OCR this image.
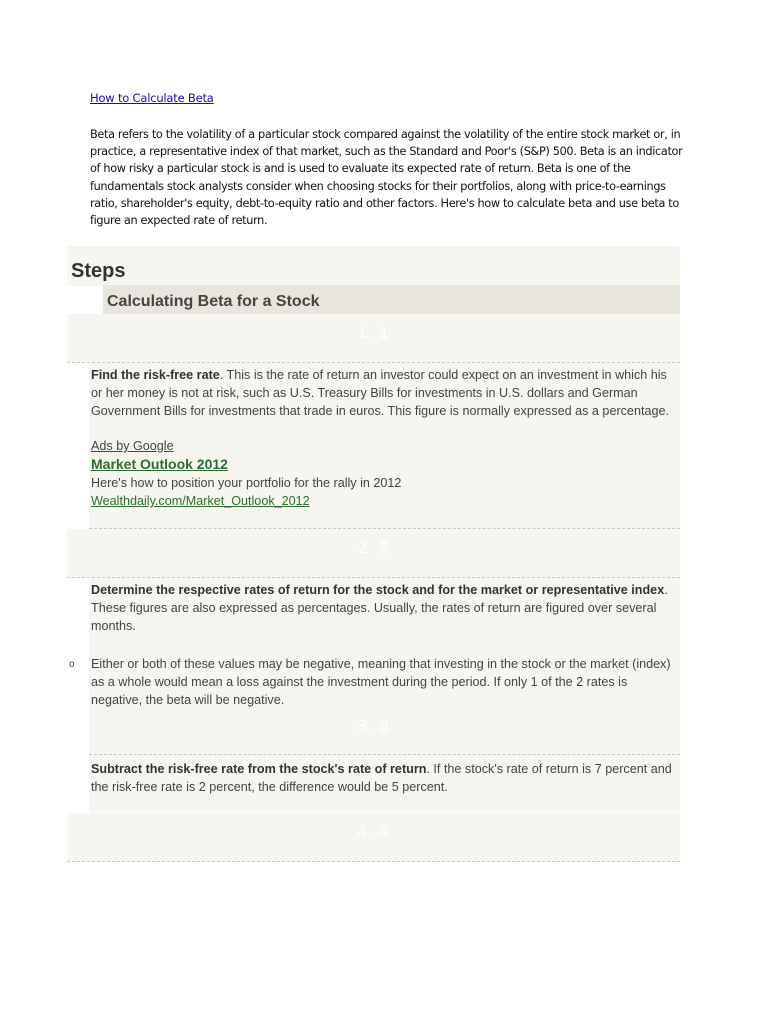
How to Calculate Beta
Beta refers to the volatility of a particular stock compared against the volatility of the entire stock market or, in practice, a representative index of that market, such as the Standard and Poor's (S&P) 500. Beta is an indicator of how risky a particular stock is and is used to evaluate its expected rate of return. Beta is one of the fundamentals stock analysts consider when choosing stocks for their portfolios, along with price-to-earnings ratio, shareholder's equity, debt-to-equity ratio and other factors. Here's how to calculate beta and use beta to figure an expected rate of return.
Steps
Calculating Beta for a Stock
1. 1
Find the risk-free rate. This is the rate of return an investor could expect on an investment in which his or her money is not at risk, such as U.S. Treasury Bills for investments in U.S. dollars and German Government Bills for investments that trade in euros. This figure is normally expressed as a percentage.
Ads by Google
Market Outlook 2012
Here's how to position your portfolio for the rally in 2012
Wealthdaily.com/Market_Outlook_2012
2. 2
Determine the respective rates of return for the stock and for the market or representative index. These figures are also expressed as percentages. Usually, the rates of return are figured over several months.
o Either or both of these values may be negative, meaning that investing in the stock or the market (index) as a whole would mean a loss against the investment during the period. If only 1 of the 2 rates is negative, the beta will be negative.
3. 3
Subtract the risk-free rate from the stock's rate of return. If the stock's rate of return is 7 percent and the risk-free rate is 2 percent, the difference would be 5 percent.
4. 4
